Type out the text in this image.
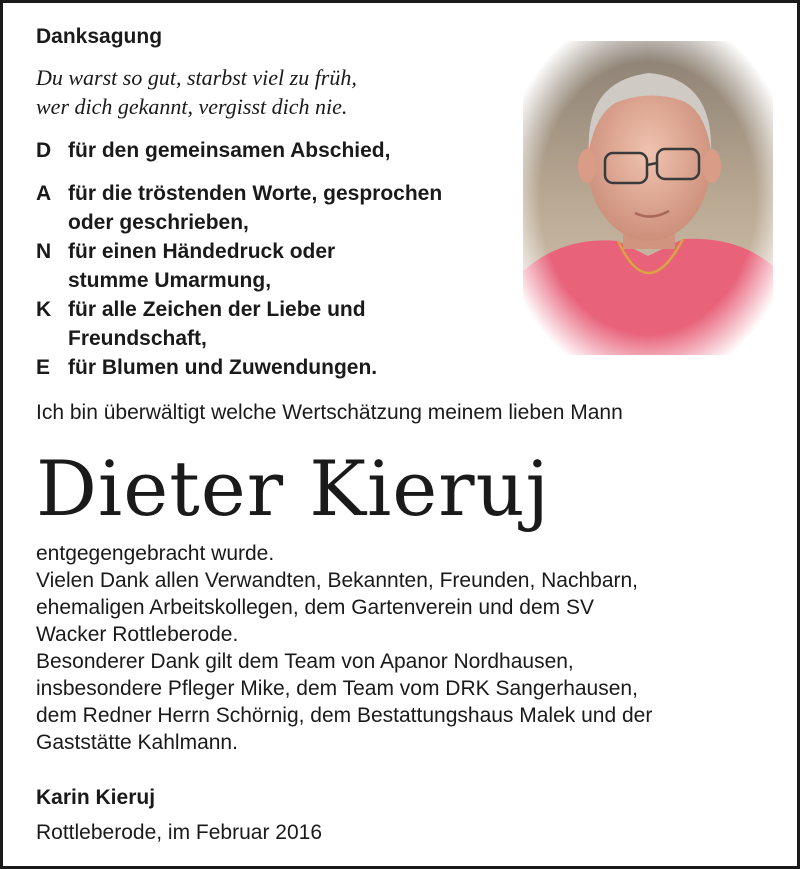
Danksagung
Du warst so gut, starbst viel zu früh,
wer dich gekannt, vergisst dich nie.
D für den gemeinsamen Abschied,
A für die tröstenden Worte, gesprochen
oder geschrieben,
N für einen Händedruck oder
stumme Umarmung,
K für alle Zeichen der Liebe und
Freundschaft,
E für Blumen und Zuwendungen.
Ich bin überwältigt welche Wertschätzung meinem lieben Mann
Dieter Kieruj

entgegengebracht wurde.

Vielen Dank allen Verwandten, Bekannten, Freunden, Nachbarn,

ehemaligen Arbeitskollegen, dem Gartenverein und dem SV

Wacker Rottleberode.

Besonderer Dank gilt dem Team von Apanor Nordhausen,

insbesondere Pfleger Mike, dem Team vom DRK Sangerhausen,

dem Redner Herrn Schörnig, dem Bestattungshaus Malek und der

Gaststätte Kahlmann.

Karin Kieruj
Rottleberode, im Februar 2016
